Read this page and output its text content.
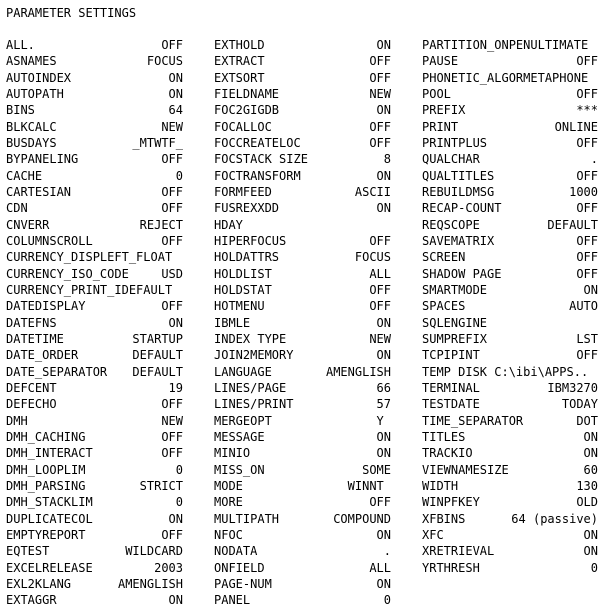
PARAMETER SETTINGS
ALL.	OFF
ASNAMES	FOCUS
AUTOINDEX	ON
AUTOPATH	ON
BINS	64
BLKCALC	NEW
BUSDAYS	_MTWTF_
BYPANELING	OFF
CACHE	0
CARTESIAN	OFF
CDN	OFF
CNVERR	REJECT
COLUMNSCROLL	OFF
CURRENCY_DISPLEFT_FLOAT
CURRENCY_ISO_CODE	USD
CURRENCY_PRINT_IDEFAULT
DATEDISPLAY	OFF
DATEFNS	ON
DATETIME	STARTUP
DATE_ORDER	DEFAULT
DATE_SEPARATOR DEFAULT
DEFCENT	19
DEFECHO	OFF
DMH	NEW
DMH_CACHING	OFF
DMH_INTERACT	OFF
DMH_LOOPLIM	0
DMH_PARSING	STRICT
DMH_STACKLIM	0
DUPLICATECOL	ON
EMPTYREPORT	OFF
EQTEST	WILDCARD
EXCELRELEASE	2003
EXL2KLANG	AMENGLISH
EXTAGGR	ON
EXTHOLD	ON
EXTRACT	OFF
EXTSORT	OFF
FIELDNAME	NEW
FOC2GIGDB	ON
FOCALLOC	OFF
FOCCREATELOC	OFF
FOCSTACK SIZE	8
FOCTRANSFORM	ON
FORMFEED	ASCII
FUSREXXDD	ON
HDAY
HIPERFOCUS	OFF
HOLDATTRS	FOCUS
HOLDLIST	ALL
HOLDSTAT	OFF
HOTMENU	OFF
IBMLE	ON
INDEX TYPE	NEW
JOIN2MEMORY	ON
LANGUAGE	AMENGLISH
LINES/PAGE	66
LINES/PRINT	57
MERGEOPT	Y
MESSAGE	ON
MINIO	ON
MISS_ON	SOME
MODE	WINNT
MORE	OFF
MULTIPATH	COMPOUND
NFOC	ON
NODATA	.
ONFIELD	ALL
PAGE-NUM	ON
PANEL	0
PARTITION_ONPENULTIMATE
PAUSE	OFF
PHONETIC_ALGORMETAPHONE
POOL	OFF
PREFIX	***
PRINT	ONLINE
PRINTPLUS	OFF
QUALCHAR	.
QUALTITLES	OFF
REBUILDMSG	1000
RECAP-COUNT	OFF
REQSCOPE	DEFAULT
SAVEMATRIX	OFF
SCREEN	OFF
SHADOW PAGE	OFF
SMARTMODE	ON
SPACES	AUTO
SQLENGINE
SUMPREFIX	LST
TCPIPINT	OFF
TEMP DISK C:\ibi\APPS..
TERMINAL	IBM3270
TESTDATE	TODAY
TIME_SEPARATOR	DOT
TITLES	ON
TRACKIO	ON
VIEWNAMESIZE	60
WIDTH	130
WINPFKEY	OLD
XFBINS	64 (passive)
XFC	ON
XRETRIEVAL	ON
YRTHRESH	0
